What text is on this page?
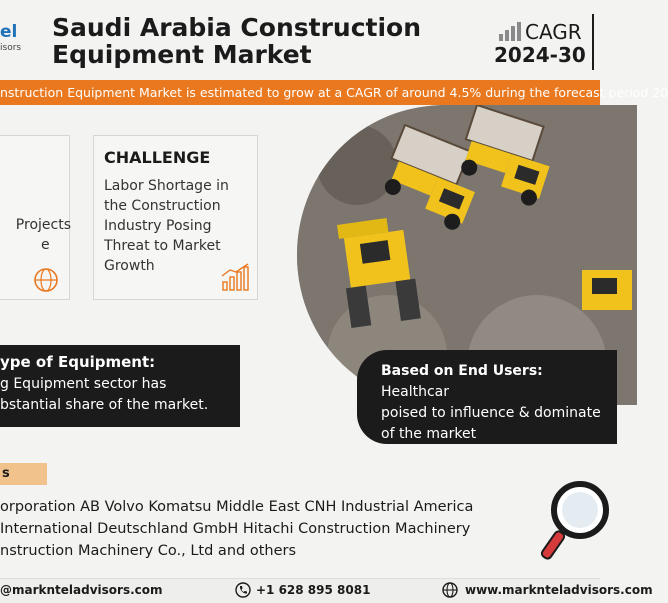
el
isors
Saudi Arabia Construction
Equipment Market
CAGR
2024-30
nstruction Equipment Market is estimated to grow at a CAGR of around 4.5% during the forecast period 20
Projects
e
CHALLENGE
Labor Shortage in the Construction Industry Posing Threat to Market Growth
ype of Equipment:
g Equipment sector has
bstantial share of the market.
Based on End Users: Healthcar
poised to influence & dominate
of the market
s
orporation AB Volvo Komatsu Middle East CNH Industrial America
International Deutschland GmbH Hitachi Construction Machinery
nstruction Machinery Co., Ltd and others
@marknteladvisors.com	+1 628 895 8081	www.marknteladvisors.com
